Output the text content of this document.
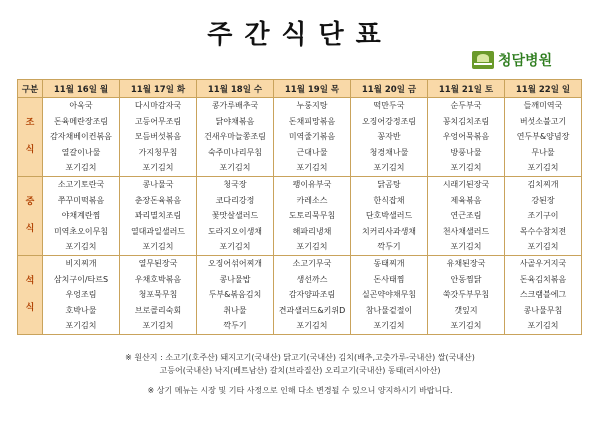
주간식단표
청담병원
구분	11월 16일 월	11월 17일 화	11월 18일 수	11월 19일 목	11월 20일 금	11월 21일 토	11월 22일 일
조식	아욱국
돈육메란장조림
감자채베이컨볶음
열갈이나물
포기김치	다시마감자국
고등어무조림
모듬버섯볶음
가지청무침
포기김치	콩가루배추국
닭야채볶음
건새우마늘쫑조림
숙주미나리무침
포기김치	누룽지탕
돈채피망볶음
미역줄기볶음
근대나물
포기김치	떡만두국
오징어강정조림
꽁자반
청경채나물
포기김치	순두부국
꽁치김치조림
우엉어묵볶음
방풍나물
포기김치	들깨미역국
버섯소불고기
연두부&양념장
무나물
포기김치

중식	소고기토란국
쭈꾸미떡볶음
야채계란찜
미역초오이무침
포기김치	콩나물국
춘장돈육볶음
꽈리멸치조림
열대과일샐러드
포기김치	청국장
코다리강정
꽃맛살샐러드
도라지오이생채
포기김치	팽이유부국
카레소스
도토리묵무침
해파리냉채
포기김치	닭곰탕
한식잡채
단호박샐러드
치커리사과생채
깍두기	시래기된장국
제육볶음
연근조림
천사채샐러드
포기김치	김치찌개
강된장
조기구이
목수수참치전
포기김치

석식	비지찌개
삼치구이/타르S
우엉조림
호박나물
포기김치	열무된장국
우채호박볶음
청포묵무침
브로콜리숙회
포기김치	오징어섞어찌개
콩나물밥
두부&볶음김치
취나물
깍두기	소고기무국
생선까스
감자양파조림
견과샐러드&키위D
포기김치	동태찌개
돈사태찜
실곤약야채무침
참나물겉절이
포기김치	유채된장국
안동찜닭
쑥갓두부무침
갯잎지
포기김치	사골우거지국
돈육김치볶음
스크램블에그
콩나물무침
포기김치
※ 원산지 : 소고기(호주산) 돼지고기(국내산) 닭고기(국내산) 김치(배추,고춧가루-국내산) 쌀(국내산)
고등어(국내산) 낙지(베트남산) 갈치(브라질산) 오리고기(국내산) 동태(러시아산)
※ 상기 메뉴는 시장 및 기타 사정으로 인해 다소 변경될 수 있으니 양지하시기 바랍니다.
